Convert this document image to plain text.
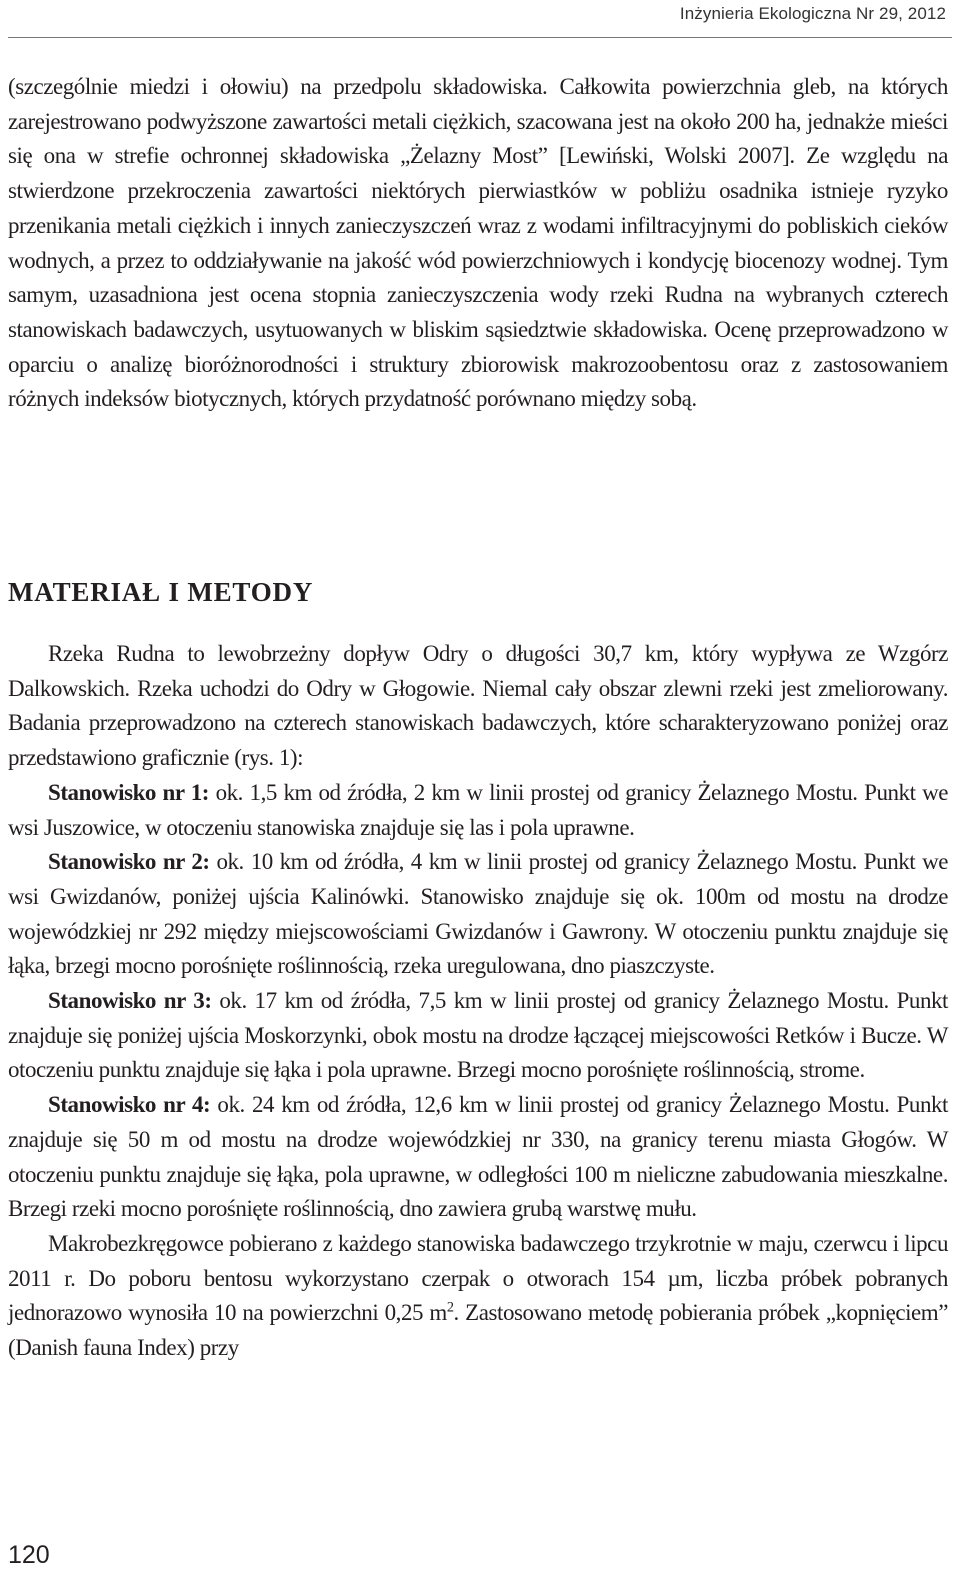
Inżynieria Ekologiczna Nr 29, 2012

(szczególnie miedzi i ołowiu) na przedpolu składowiska. Całkowita powierzchnia gleb, na których zarejestrowano podwyższone zawartości metali ciężkich, szacowana jest na około 200 ha, jednakże mieści się ona w strefie ochronnej składowiska „Żelazny Most” [Lewiński, Wolski 2007]. Ze względu na stwierdzone przekroczenia zawartości niektórych pierwiastków w pobliżu osadnika istnieje ryzyko przenikania metali ciężkich i innych zanieczyszczeń wraz z wodami infiltracyjnymi do pobliskich cieków wodnych, a przez to oddziaływanie na jakość wód powierzchniowych i kondycję biocenozy wodnej. Tym samym, uzasadniona jest ocena stopnia zanieczyszczenia wody rzeki Rudna na wybranych czterech stanowiskach badawczych, usytuowanych w bliskim sąsiedztwie składowiska. Ocenę przeprowadzono w oparciu o analizę bioróżnorodności i struktury zbiorowisk makrozoobentosu oraz z zastosowaniem różnych indeksów biotycznych, których przydatność porównano między sobą.

MATERIAŁ I METODY

Rzeka Rudna to lewobrzeżny dopływ Odry o długości 30,7 km, który wypływa ze Wzgórz Dalkowskich. Rzeka uchodzi do Odry w Głogowie. Niemal cały obszar zlewni rzeki jest zmeliorowany. Badania przeprowadzono na czterech stanowiskach badawczych, które scharakteryzowano poniżej oraz przedstawiono graficznie (rys. 1):

Stanowisko nr 1: ok. 1,5 km od źródła, 2 km w linii prostej od granicy Żelaznego Mostu. Punkt we wsi Juszowice, w otoczeniu stanowiska znajduje się las i pola uprawne.

Stanowisko nr 2: ok. 10 km od źródła, 4 km w linii prostej od granicy Żelaznego Mostu. Punkt we wsi Gwizdanów, poniżej ujścia Kalinówki. Stanowisko znajduje się ok. 100m od mostu na drodze wojewódzkiej nr 292 między miejscowościami Gwizdanów i Gawrony. W otoczeniu punktu znajduje się łąka, brzegi mocno porośnięte roślinnością, rzeka uregulowana, dno piaszczyste.

Stanowisko nr 3: ok. 17 km od źródła, 7,5 km w linii prostej od granicy Żelaznego Mostu. Punkt znajduje się poniżej ujścia Moskorzynki, obok mostu na drodze łączącej miejscowości Retków i Bucze. W otoczeniu punktu znajduje się łąka i pola uprawne. Brzegi mocno porośnięte roślinnością, strome.

Stanowisko nr 4: ok. 24 km od źródła, 12,6 km w linii prostej od granicy Żelaznego Mostu. Punkt znajduje się 50 m od mostu na drodze wojewódzkiej nr 330, na granicy terenu miasta Głogów. W otoczeniu punktu znajduje się łąka, pola uprawne, w odległości 100 m nieliczne zabudowania mieszkalne. Brzegi rzeki mocno porośnięte roślinnością, dno zawiera grubą warstwę mułu.

Makrobezkręgowce pobierano z każdego stanowiska badawczego trzykrotnie w maju, czerwcu i lipcu 2011 r. Do poboru bentosu wykorzystano czerpak o otworach 154 µm, liczba próbek pobranych jednorazowo wynosiła 10 na powierzchni 0,25 $m^2$. Zastosowano metodę pobierania próbek „kopnięciem” (Danish fauna Index) przy

120
